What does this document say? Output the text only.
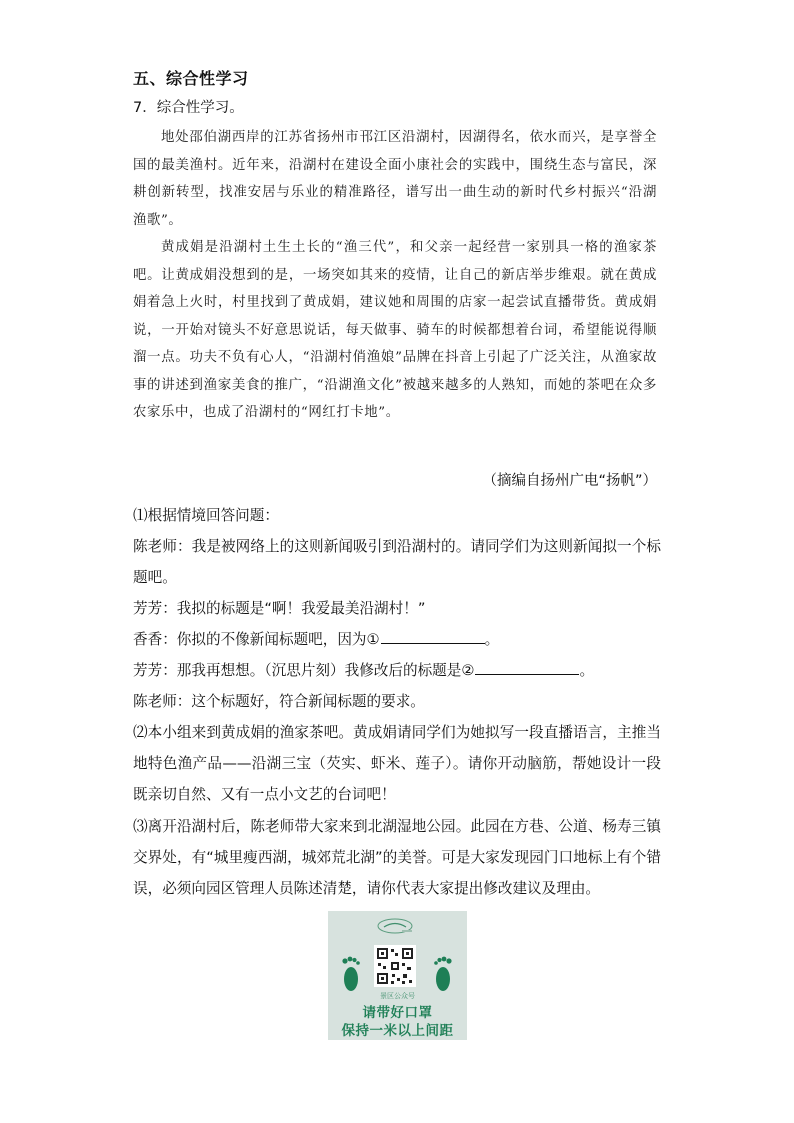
五、综合性学习
7．综合性学习。

地处邵伯湖西岸的江苏省扬州市邗江区沿湖村，因湖得名，依水而兴，是享誉全国的最美渔村。近年来，沿湖村在建设全面小康社会的实践中，围绕生态与富民，深耕创新转型，找准安居与乐业的精准路径，谱写出一曲生动的新时代乡村振兴“沿湖渔歌”。

黄成娟是沿湖村土生土长的“渔三代”，和父亲一起经营一家别具一格的渔家茶吧。让黄成娟没想到的是，一场突如其来的疫情，让自己的新店举步维艰。就在黄成娟着急上火时，村里找到了黄成娟，建议她和周围的店家一起尝试直播带货。黄成娟说，一开始对镜头不好意思说话，每天做事、骑车的时候都想着台词，希望能说得顺溜一点。功夫不负有心人，“沿湖村俏渔娘”品牌在抖音上引起了广泛关注，从渔家故事的讲述到渔家美食的推广，“沿湖渔文化”被越来越多的人熟知，而她的茶吧在众多农家乐中，也成了沿湖村的“网红打卡地”。

（摘编自扬州广电“扬帆”）

⑴根据情境回答问题：

陈老师：我是被网络上的这则新闻吸引到沿湖村的。请同学们为这则新闻拟一个标题吧。

芳芳：我拟的标题是“啊！我爱最美沿湖村！”

香香：你拟的不像新闻标题吧，因为①	。

芳芳：那我再想想。（沉思片刻）我修改后的标题是②	。

陈老师：这个标题好，符合新闻标题的要求。

⑵本小组来到黄成娟的渔家茶吧。黄成娟请同学们为她拟写一段直播语言，主推当地特色渔产品——沿湖三宝（芡实、虾米、莲子）。请你开动脑筋，帮她设计一段既亲切自然、又有一点小文艺的台词吧！

⑶离开沿湖村后，陈老师带大家来到北湖湿地公园。此园在方巷、公道、杨寿三镇交界处，有“城里瘦西湖，城郊荒北湖”的美誉。可是大家发现园门口地标上有个错误，必须向园区管理人员陈述清楚，请你代表大家提出修改建议及理由。

景区公众号
请带好口罩
保持一米以上间距
